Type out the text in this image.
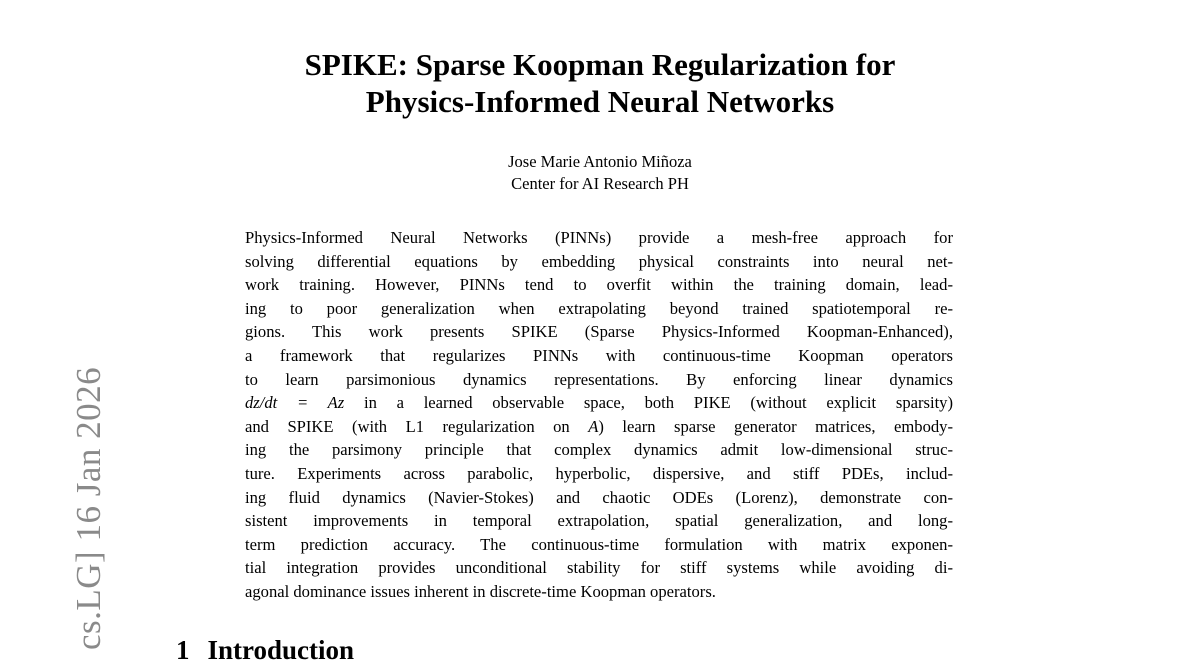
cs.LG] 16 Jan 2026
SPIKE: Sparse Koopman Regularization for
Physics-Informed Neural Networks
Jose Marie Antonio Miñoza
Center for AI Research PH
Physics-Informed Neural Networks (PINNs) provide a mesh-free approach for
solving differential equations by embedding physical constraints into neural net-
work training. However, PINNs tend to overfit within the training domain, lead-
ing to poor generalization when extrapolating beyond trained spatiotemporal re-
gions. This work presents SPIKE (Sparse Physics-Informed Koopman-Enhanced),
a framework that regularizes PINNs with continuous-time Koopman operators
to learn parsimonious dynamics representations. By enforcing linear dynamics
dz/dt = Az in a learned observable space, both PIKE (without explicit sparsity)
and SPIKE (with L1 regularization on A) learn sparse generator matrices, embody-
ing the parsimony principle that complex dynamics admit low-dimensional struc-
ture. Experiments across parabolic, hyperbolic, dispersive, and stiff PDEs, includ-
ing fluid dynamics (Navier-Stokes) and chaotic ODEs (Lorenz), demonstrate con-
sistent improvements in temporal extrapolation, spatial generalization, and long-
term prediction accuracy. The continuous-time formulation with matrix exponen-
tial integration provides unconditional stability for stiff systems while avoiding di-
agonal dominance issues inherent in discrete-time Koopman operators.
1 Introduction
